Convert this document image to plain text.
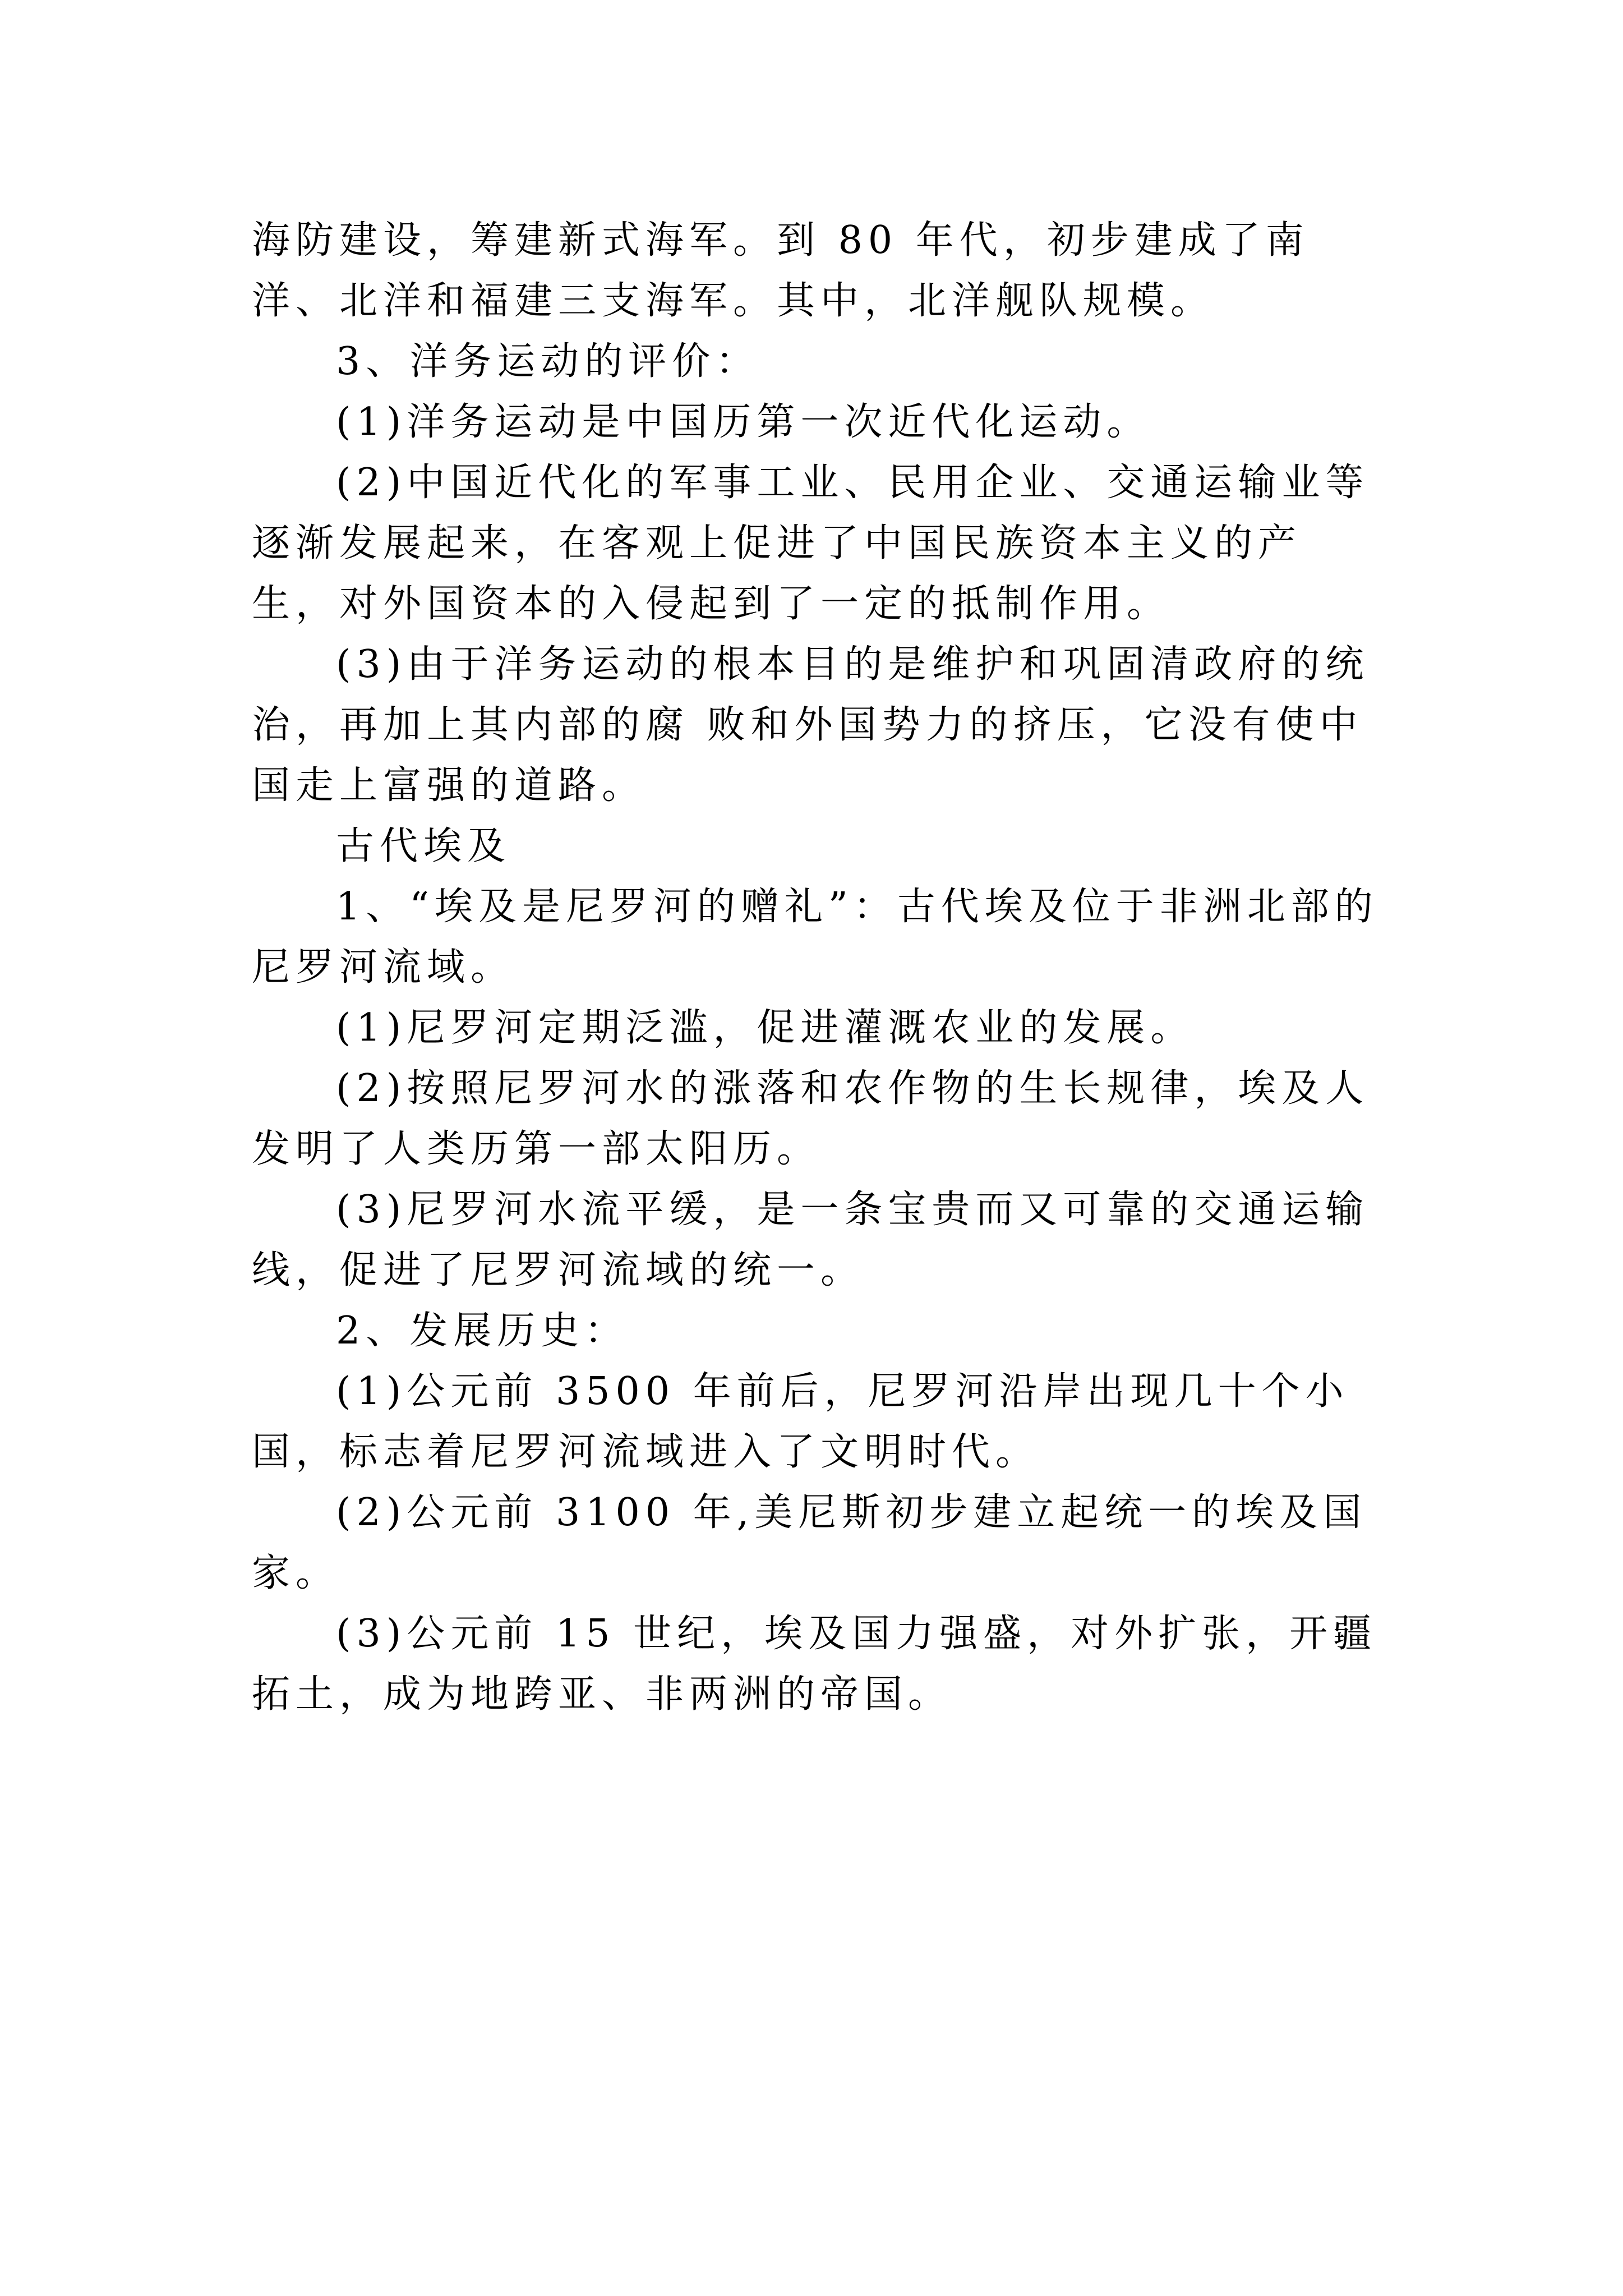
海防建设，筹建新式海军。到 80 年代，初步建成了南洋、北洋和福建三支海军。其中，北洋舰队规模。

3、洋务运动的评价：

(1)洋务运动是中国历第一次近代化运动。

(2)中国近代化的军事工业、民用企业、交通运输业等逐渐发展起来，在客观上促进了中国民族资本主义的产生，对外国资本的入侵起到了一定的抵制作用。

(3)由于洋务运动的根本目的是维护和巩固清政府的统治，再加上其内部的腐 败和外国势力的挤压，它没有使中国走上富强的道路。

古代埃及

1、“埃及是尼罗河的赠礼”：古代埃及位于非洲北部的尼罗河流域。

(1)尼罗河定期泛滥，促进灌溉农业的发展。

(2)按照尼罗河水的涨落和农作物的生长规律，埃及人发明了人类历第一部太阳历。

(3)尼罗河水流平缓，是一条宝贵而又可靠的交通运输线，促进了尼罗河流域的统一。

2、发展历史：

(1)公元前 3500 年前后，尼罗河沿岸出现几十个小国，标志着尼罗河流域进入了文明时代。

(2)公元前 3100 年,美尼斯初步建立起统一的埃及国家。

(3)公元前 15 世纪，埃及国力强盛，对外扩张，开疆拓土，成为地跨亚、非两洲的帝国。
